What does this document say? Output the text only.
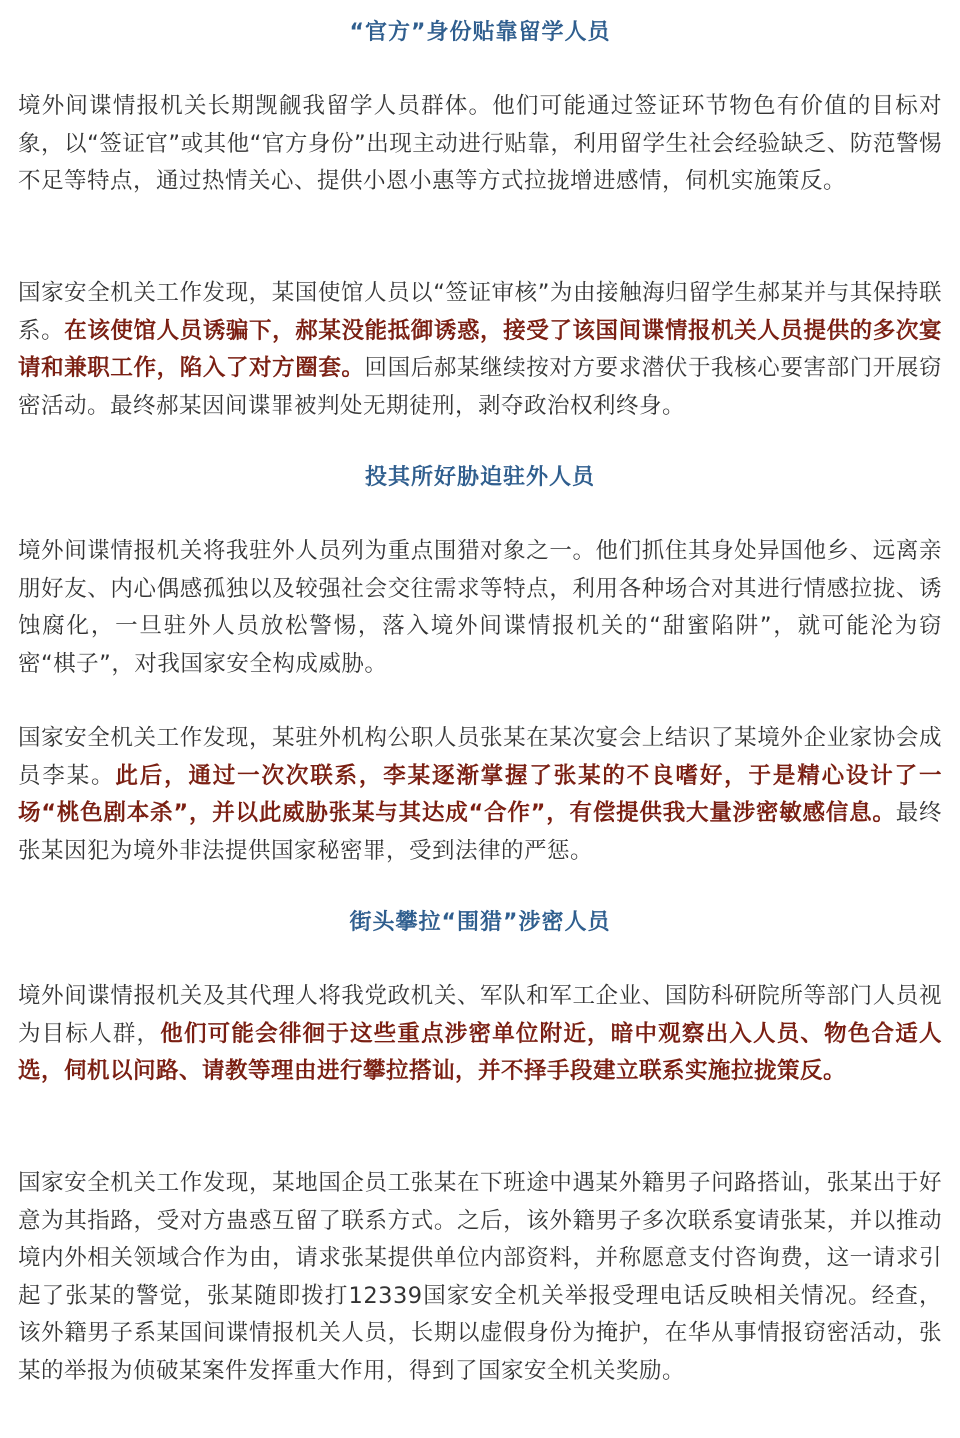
“官方”身份贴靠留学人员

境外间谍情报机关长期觊觎我留学人员群体。他们可能通过签证环节物色有价值的目标对象，以“签证官”或其他“官方身份”出现主动进行贴靠，利用留学生社会经验缺乏、防范警惕不足等特点，通过热情关心、提供小恩小惠等方式拉拢增进感情，伺机实施策反。

国家安全机关工作发现，某国使馆人员以“签证审核”为由接触海归留学生郝某并与其保持联系。在该使馆人员诱骗下，郝某没能抵御诱惑，接受了该国间谍情报机关人员提供的多次宴请和兼职工作，陷入了对方圈套。回国后郝某继续按对方要求潜伏于我核心要害部门开展窃密活动。最终郝某因间谍罪被判处无期徒刑，剥夺政治权利终身。

投其所好胁迫驻外人员

境外间谍情报机关将我驻外人员列为重点围猎对象之一。他们抓住其身处异国他乡、远离亲朋好友、内心偶感孤独以及较强社会交往需求等特点，利用各种场合对其进行情感拉拢、诱蚀腐化，一旦驻外人员放松警惕，落入境外间谍情报机关的“甜蜜陷阱”，就可能沦为窃密“棋子”，对我国家安全构成威胁。

国家安全机关工作发现，某驻外机构公职人员张某在某次宴会上结识了某境外企业家协会成员李某。此后，通过一次次联系，李某逐渐掌握了张某的不良嗜好，于是精心设计了一场“桃色剧本杀”，并以此威胁张某与其达成“合作”，有偿提供我大量涉密敏感信息。最终张某因犯为境外非法提供国家秘密罪，受到法律的严惩。

街头攀拉“围猎”涉密人员

境外间谍情报机关及其代理人将我党政机关、军队和军工企业、国防科研院所等部门人员视为目标人群，他们可能会徘徊于这些重点涉密单位附近，暗中观察出入人员、物色合适人选，伺机以问路、请教等理由进行攀拉搭讪，并不择手段建立联系实施拉拢策反。

国家安全机关工作发现，某地国企员工张某在下班途中遇某外籍男子问路搭讪，张某出于好意为其指路，受对方蛊惑互留了联系方式。之后，该外籍男子多次联系宴请张某，并以推动境内外相关领域合作为由，请求张某提供单位内部资料，并称愿意支付咨询费，这一请求引起了张某的警觉，张某随即拨打12339国家安全机关举报受理电话反映相关情况。经查，该外籍男子系某国间谍情报机关人员，长期以虚假身份为掩护，在华从事情报窃密活动，张某的举报为侦破某案件发挥重大作用，得到了国家安全机关奖励。
